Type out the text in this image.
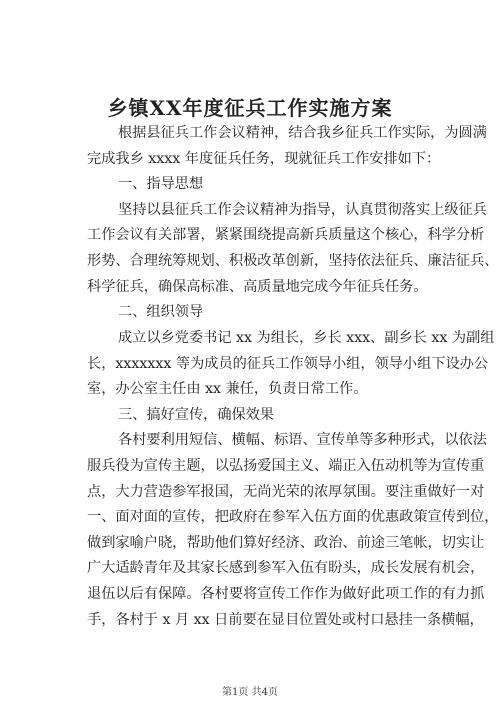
乡镇XX年度征兵工作实施方案
根据县征兵工作会议精神，结合我乡征兵工作实际，为圆满
完成我乡 xxxx 年度征兵任务，现就征兵工作安排如下：
一、指导思想
坚持以县征兵工作会议精神为指导，认真贯彻落实上级征兵
工作会议有关部署，紧紧围绕提高新兵质量这个核心，科学分析
形势、合理统筹规划、积极改革创新，坚持依法征兵、廉洁征兵、
科学征兵，确保高标准、高质量地完成今年征兵任务。
二、组织领导
成立以乡党委书记 xx 为组长，乡长 xxx、副乡长 xx 为副组
长，xxxxxxx 等为成员的征兵工作领导小组，领导小组下设办公
室，办公室主任由 xx 兼任，负责日常工作。
三、搞好宣传，确保效果
各村要利用短信、横幅、标语、宣传单等多种形式，以依法
服兵役为宣传主题，以弘扬爱国主义、端正入伍动机等为宣传重
点，大力营造参军报国，无尚光荣的浓厚氛围。要注重做好一对
一、面对面的宣传，把政府在参军入伍方面的优惠政策宣传到位，
做到家喻户晓，帮助他们算好经济、政治、前途三笔帐，切实让
广大适龄青年及其家长感到参军入伍有盼头，成长发展有机会，
退伍以后有保障。各村要将宣传工作作为做好此项工作的有力抓
手，各村于 x 月 xx 日前要在显目位置处或村口悬挂一条横幅，
第1页 共4页
